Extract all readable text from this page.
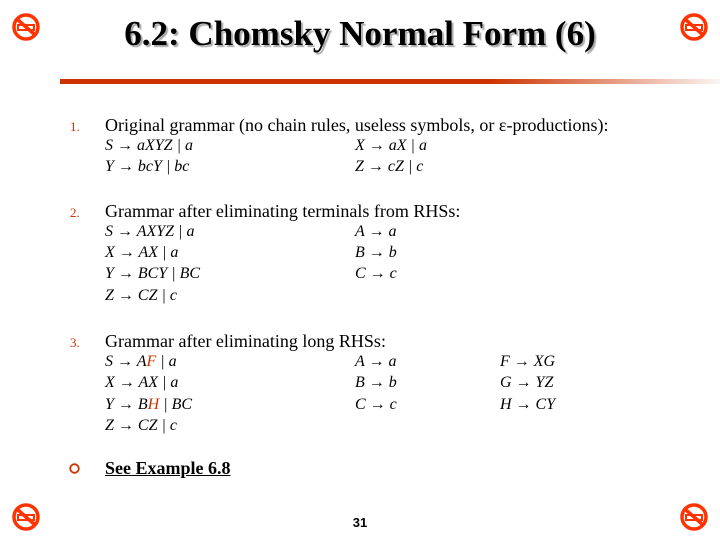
6.2: Chomsky Normal Form (6)
1. Original grammar (no chain rules, useless symbols, or ε-productions):
S → aXYZ | a
Y → bcY | bc
X → aX | a
Z → cZ | c
2. Grammar after eliminating terminals from RHSs:
S → AXYZ | a
X → AX | a
Y → BCY | BC
Z → CZ | c
A → a
B → b
C → c
3. Grammar after eliminating long RHSs:
S → AF | a
X → AX | a
Y → BH | BC
Z → CZ | c
A → a
B → b
C → c
F → XG
G → YZ
H → CY
See Example 6.8
31
